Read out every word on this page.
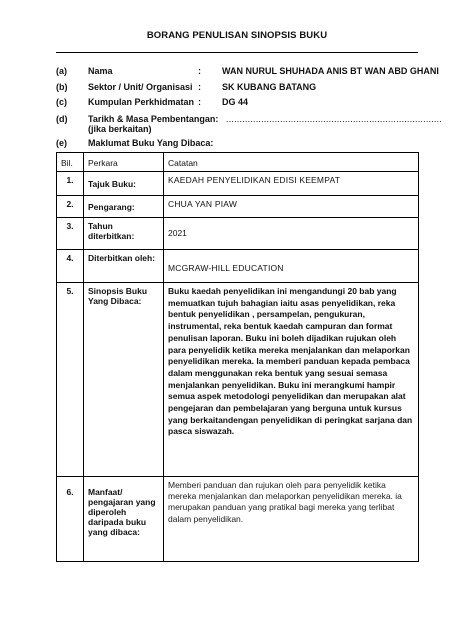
BORANG PENULISAN SINOPSIS BUKU
(a) Nama	: WAN NURUL SHUHADA ANIS BT WAN ABD GHANI
(b) Sektor / Unit/ Organisasi : SK KUBANG BATANG
(c) Kumpulan Perkhidmatan : DG 44
(d) Tarikh & Masa Pembentangan: ................................................................................
(jika berkaitan)
(e) Maklumat Buku Yang Dibaca:
Bil.	Perkara	Catatan
1.	Tajuk Buku:	KAEDAH PENYELIDIKAN EDISI KEEMPAT
2.	Pengarang:	CHUA YAN PIAW
3.	Tahun diterbitkan:	2021
4.	Diterbitkan oleh:	MCGRAW-HILL EDUCATION
5.	Sinopsis Buku Yang Dibaca:	Buku kaedah penyelidikan ini mengandungi 20 bab yang memuatkan tujuh bahagian iaitu asas penyelidikan, reka bentuk penyelidikan , persampelan, pengukuran, instrumental, reka bentuk kaedah campuran dan format penulisan laporan. Buku ini boleh dijadikan rujukan oleh para penyelidik ketika mereka menjalankan dan melaporkan penyelidikan mereka. Ia memberi panduan kepada pembaca dalam menggunakan reka bentuk yang sesuai semasa menjalankan penyelidikan. Buku ini merangkumi hampir semua aspek metodologi penyelidikan dan merupakan alat pengejaran dan pembelajaran yang berguna untuk kursus yang berkaitandengan penyelidikan di peringkat sarjana dan pasca siswazah.
6.	Manfaat/ pengajaran yang diperoleh daripada buku yang dibaca:	Memberi panduan dan rujukan oleh para penyelidik ketika mereka menjalankan dan melaporkan penyelidikan mereka. ia merupakan panduan yang pratikal bagi mereka yang terlibat dalam penyelidikan.
